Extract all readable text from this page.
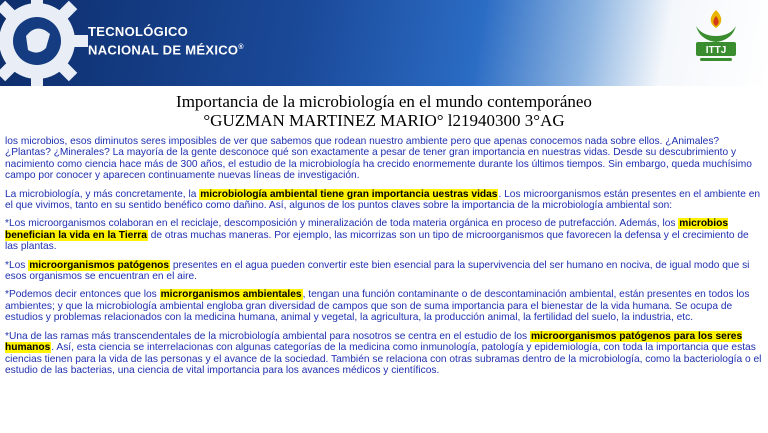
TECNOLÓGICO
NACIONAL DE MÉXICO®	ITTJ
Importancia de la microbiología en el mundo contemporáneo
°GUZMAN MARTINEZ MARIO° l21940300 3°AG

los microbios, esos diminutos seres imposibles de ver que sabemos que rodean nuestro ambiente pero que apenas conocemos nada sobre ellos. ¿Animales? ¿Plantas? ¿Minerales? La mayoría de la gente desconoce qué son exactamente a pesar de tener gran importancia en nuestras vidas. Desde su descubrimiento y nacimiento como ciencia hace más de 300 años, el estudio de la microbiología ha crecido enormemente durante los últimos tiempos. Sin embargo, queda muchísimo campo por conocer y aparecen continuamente nuevas líneas de investigación.

La microbiología, y más concretamente, la microbiología ambiental tiene gran importancia uestras vidas. Los microorganismos están presentes en el ambiente en el que vivimos, tanto en su sentido benéfico como dañino. Así, algunos de los puntos claves sobre la importancia de la microbiología ambiental son:

*Los microorganismos colaboran en el reciclaje, descomposición y mineralización de toda materia orgánica en proceso de putrefacción. Además, los microbios benefician la vida en la Tierra de otras muchas maneras. Por ejemplo, las micorrizas son un tipo de microorganismos que favorecen la defensa y el crecimiento de las plantas.

*Los microorganismos patógenos presentes en el agua pueden convertir este bien esencial para la supervivencia del ser humano en nociva, de igual modo que si esos organismos se encuentran en el aire.

*Podemos decir entonces que los microrganismos ambientales, tengan una función contaminante o de descontaminación ambiental, están presentes en todos los ambientes; y que la microbiología ambiental engloba gran diversidad de campos que son de suma importancia para el bienestar de la vida humana. Se ocupa de estudios y problemas relacionados con la medicina humana, animal y vegetal, la agricultura, la producción animal, la fertilidad del suelo, la industria, etc.

*Una de las ramas más transcendentales de la microbiología ambiental para nosotros se centra en el estudio de los microorganismos patógenos para los seres humanos. Así, esta ciencia se interrelacionas con algunas categorías de la medicina como inmunología, patología y epidemiología, con toda la importancia que estas ciencias tienen para la vida de las personas y el avance de la sociedad. También se relaciona con otras subramas dentro de la microbiología, como la bacteriología o el estudio de las bacterias, una ciencia de vital importancia para los avances médicos y científicos.
